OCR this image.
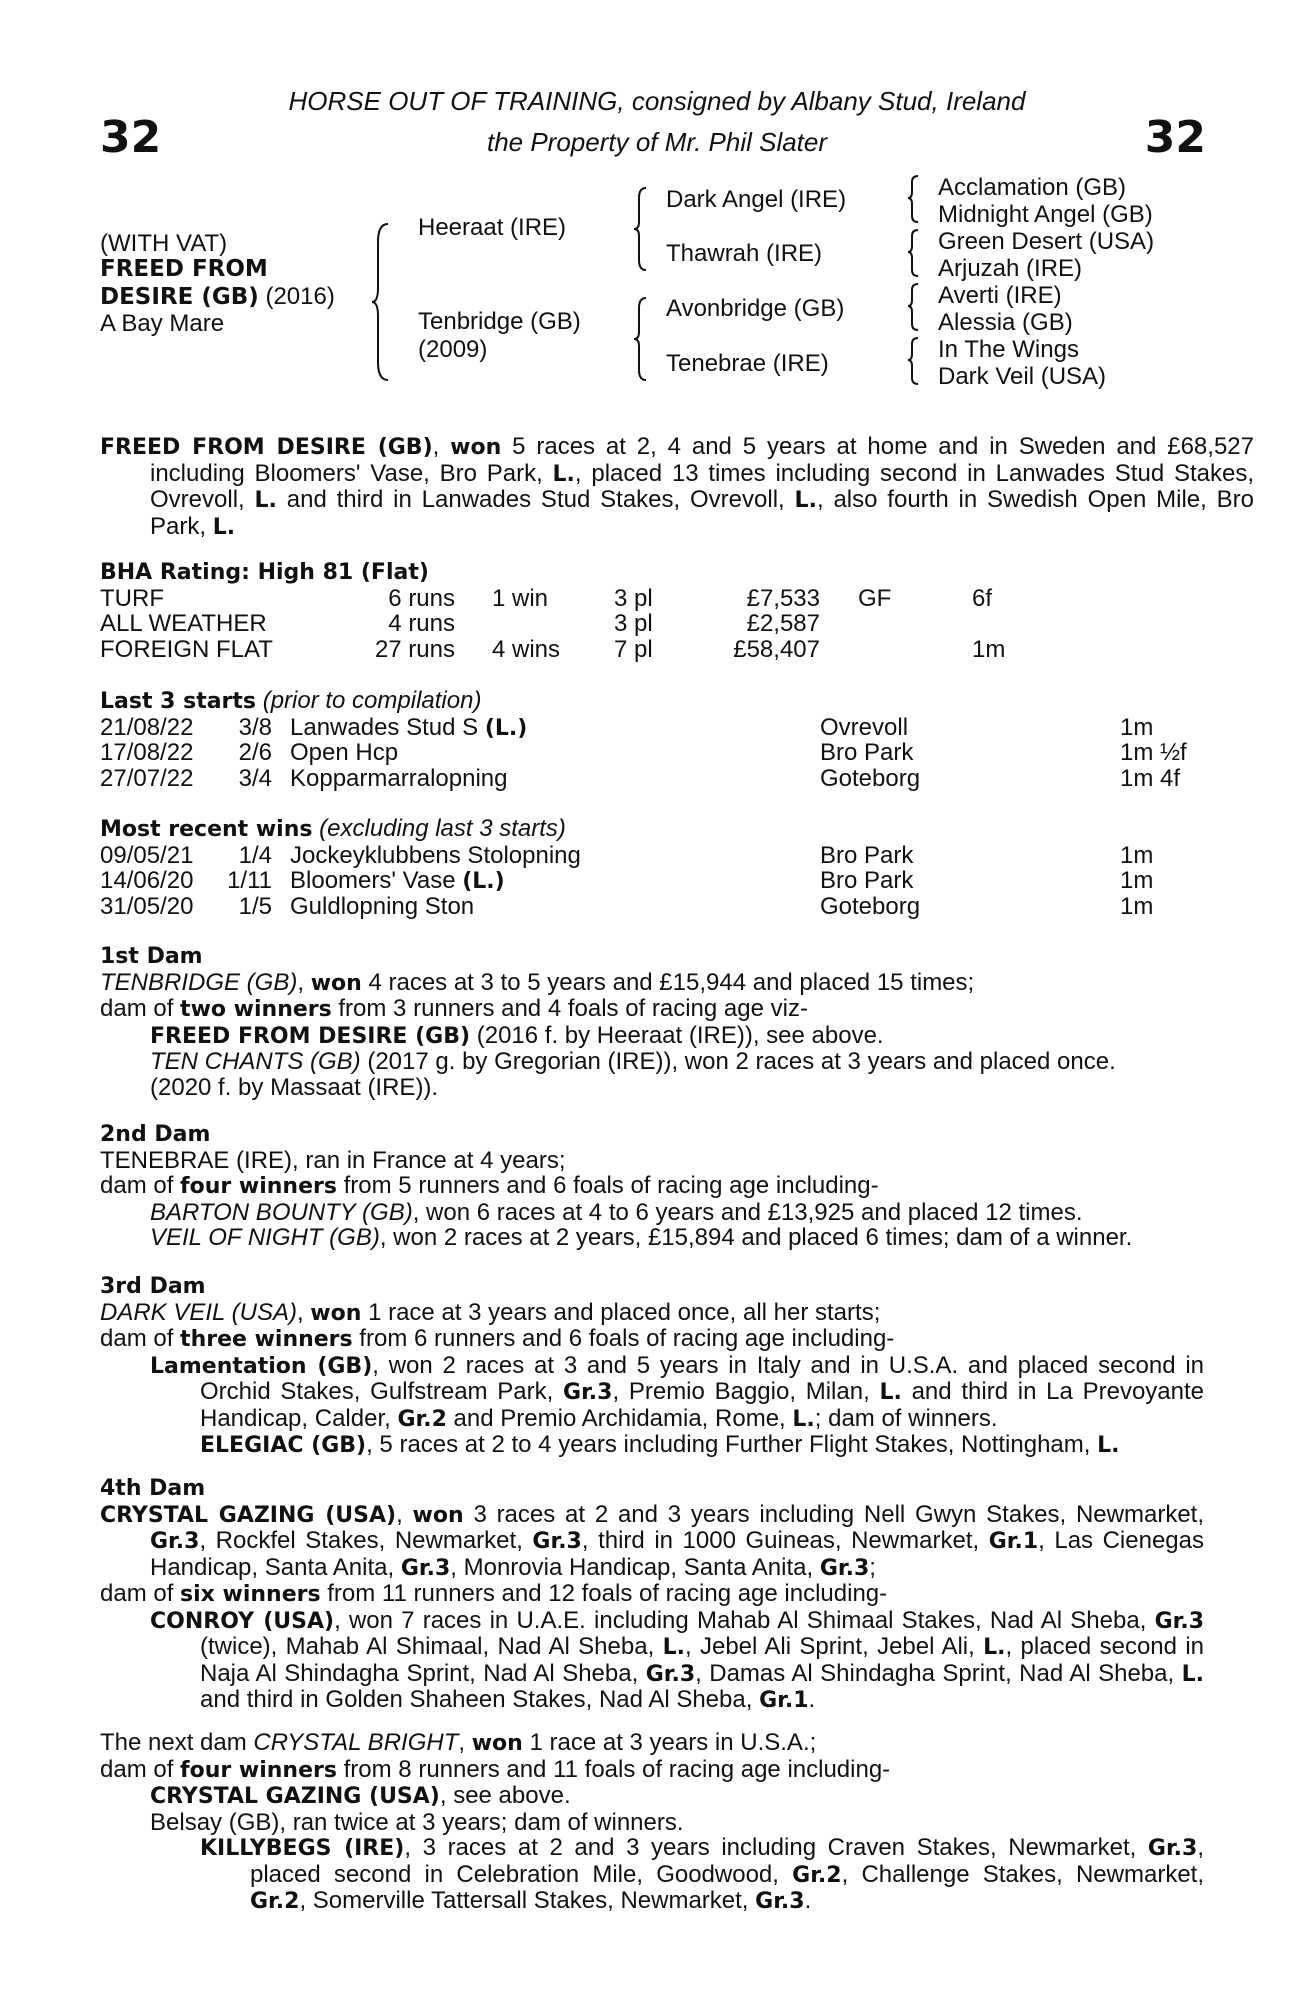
32	32
HORSE OUT OF TRAINING, consigned by Albany Stud, Ireland
the Property of Mr. Phil Slater
(WITH VAT)
FREED FROM
DESIRE (GB) (2016)
A Bay Mare
Heeraat (IRE)
Tenbridge (GB)
(2009)
Dark Angel (IRE)
Thawrah (IRE)
Avonbridge (GB)
Tenebrae (IRE)
Acclamation (GB)
Midnight Angel (GB)
Green Desert (USA)
Arjuzah (IRE)
Averti (IRE)
Alessia (GB)
In The Wings
Dark Veil (USA)
FREED FROM DESIRE (GB), won 5 races at 2, 4 and 5 years at home and in Sweden and £68,527 including Bloomers' Vase, Bro Park, L., placed 13 times including second in Lanwades Stud Stakes, Ovrevoll, L. and third in Lanwades Stud Stakes, Ovrevoll, L., also fourth in Swedish Open Mile, Bro Park, L.
BHA Rating: High 81 (Flat)
TURF	6 runs 1 win	3 pl	£7,533 GF	6f
ALL WEATHER	4 runs	3 pl	£2,587
FOREIGN FLAT	27 runs 4 wins 7 pl	£58,407	1m
Last 3 starts (prior to compilation)
21/08/22 3/8 Lanwades Stud S (L.)	Ovrevoll	1m
17/08/22 2/6 Open Hcp	Bro Park	1m ½f
27/07/22 3/4 Kopparmarralopning	Goteborg	1m 4f
Most recent wins (excluding last 3 starts)
09/05/21 1/4 Jockeyklubbens Stolopning	Bro Park	1m
14/06/20 1/11 Bloomers' Vase (L.)	Bro Park	1m
31/05/20 1/5 Guldlopning Ston	Goteborg	1m
1st Dam
TENBRIDGE (GB), won 4 races at 3 to 5 years and £15,944 and placed 15 times;
dam of two winners from 3 runners and 4 foals of racing age viz-
FREED FROM DESIRE (GB) (2016 f. by Heeraat (IRE)), see above.
TEN CHANTS (GB) (2017 g. by Gregorian (IRE)), won 2 races at 3 years and placed once.
(2020 f. by Massaat (IRE)).
2nd Dam
TENEBRAE (IRE), ran in France at 4 years;
dam of four winners from 5 runners and 6 foals of racing age including-
BARTON BOUNTY (GB), won 6 races at 4 to 6 years and £13,925 and placed 12 times.
VEIL OF NIGHT (GB), won 2 races at 2 years, £15,894 and placed 6 times; dam of a winner.
3rd Dam
DARK VEIL (USA), won 1 race at 3 years and placed once, all her starts;
dam of three winners from 6 runners and 6 foals of racing age including-
Lamentation (GB), won 2 races at 3 and 5 years in Italy and in U.S.A. and placed second in Orchid Stakes, Gulfstream Park, Gr.3, Premio Baggio, Milan, L. and third in La Prevoyante Handicap, Calder, Gr.2 and Premio Archidamia, Rome, L.; dam of winners.
ELEGIAC (GB), 5 races at 2 to 4 years including Further Flight Stakes, Nottingham, L.
4th Dam
CRYSTAL GAZING (USA), won 3 races at 2 and 3 years including Nell Gwyn Stakes, Newmarket, Gr.3, Rockfel Stakes, Newmarket, Gr.3, third in 1000 Guineas, Newmarket, Gr.1, Las Cienegas Handicap, Santa Anita, Gr.3, Monrovia Handicap, Santa Anita, Gr.3;
dam of six winners from 11 runners and 12 foals of racing age including-
CONROY (USA), won 7 races in U.A.E. including Mahab Al Shimaal Stakes, Nad Al Sheba, Gr.3 (twice), Mahab Al Shimaal, Nad Al Sheba, L., Jebel Ali Sprint, Jebel Ali, L., placed second in Naja Al Shindagha Sprint, Nad Al Sheba, Gr.3, Damas Al Shindagha Sprint, Nad Al Sheba, L. and third in Golden Shaheen Stakes, Nad Al Sheba, Gr.1.
The next dam CRYSTAL BRIGHT, won 1 race at 3 years in U.S.A.;
dam of four winners from 8 runners and 11 foals of racing age including-
CRYSTAL GAZING (USA), see above.
Belsay (GB), ran twice at 3 years; dam of winners.
KILLYBEGS (IRE), 3 races at 2 and 3 years including Craven Stakes, Newmarket, Gr.3, placed second in Celebration Mile, Goodwood, Gr.2, Challenge Stakes, Newmarket, Gr.2, Somerville Tattersall Stakes, Newmarket, Gr.3.
